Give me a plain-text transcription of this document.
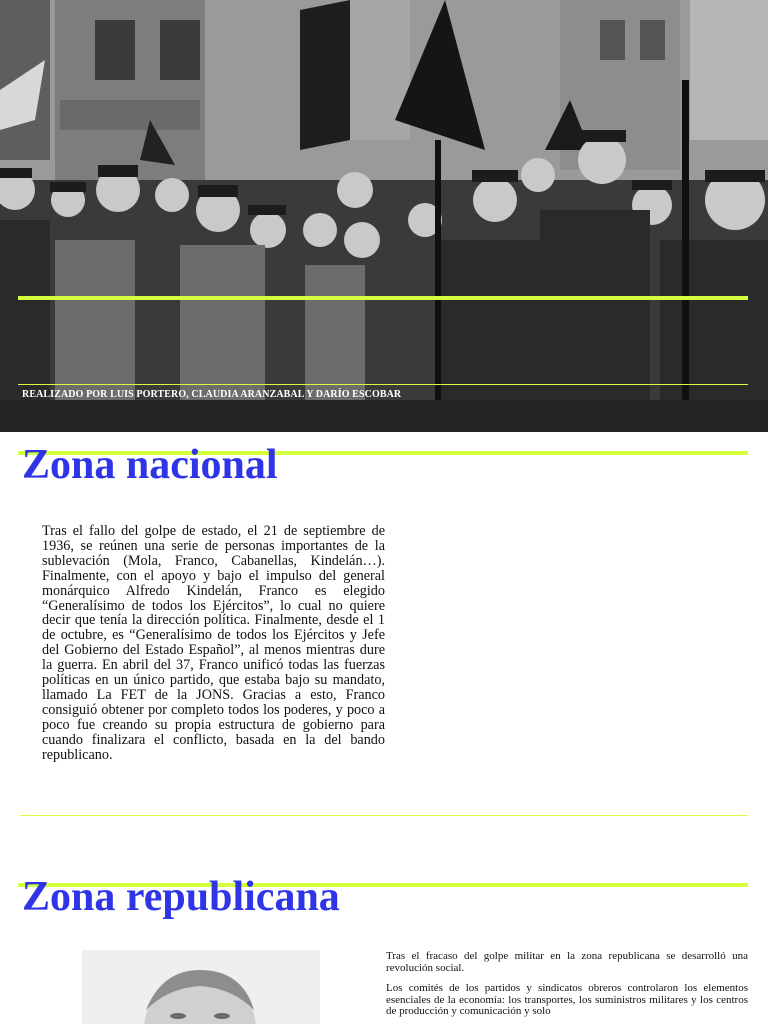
REALIZADO POR LUIS PORTERO, CLAUDIA ARANZABAL Y DARÍO ESCOBAR
Zona nacional

Tras el fallo del golpe de estado, el 21 de septiembre de 1936, se reúnen una serie de personas importantes de la sublevación (Mola, Franco, Cabanellas, Kindelán…). Finalmente, con el apoyo y bajo el impulso del general monárquico Alfredo Kindelán, Franco es elegido “Generalísimo de todos los Ejércitos”, lo cual no quiere decir que tenía la dirección política. Finalmente, desde el 1 de octubre, es “Generalísimo de todos los Ejércitos y Jefe del Gobierno del Estado Español”, al menos mientras dure la guerra. En abril del 37, Franco unificó todas las fuerzas políticas en un único partido, que estaba bajo su mandato, llamado La FET de la JONS. Gracias a esto, Franco consiguió obtener por completo todos los poderes, y poco a poco fue creando su propia estructura de gobierno para cuando finalizara el conflicto, basada en la del bando republicano.

Zona republicana

Tras el fracaso del golpe militar en la zona republicana se desarrolló una revolución social.

Los comités de los partidos y sindicatos obreros controlaron los elementos esenciales de la economía: los transportes, los suministros militares y los centros de producción y comunicación y solo
